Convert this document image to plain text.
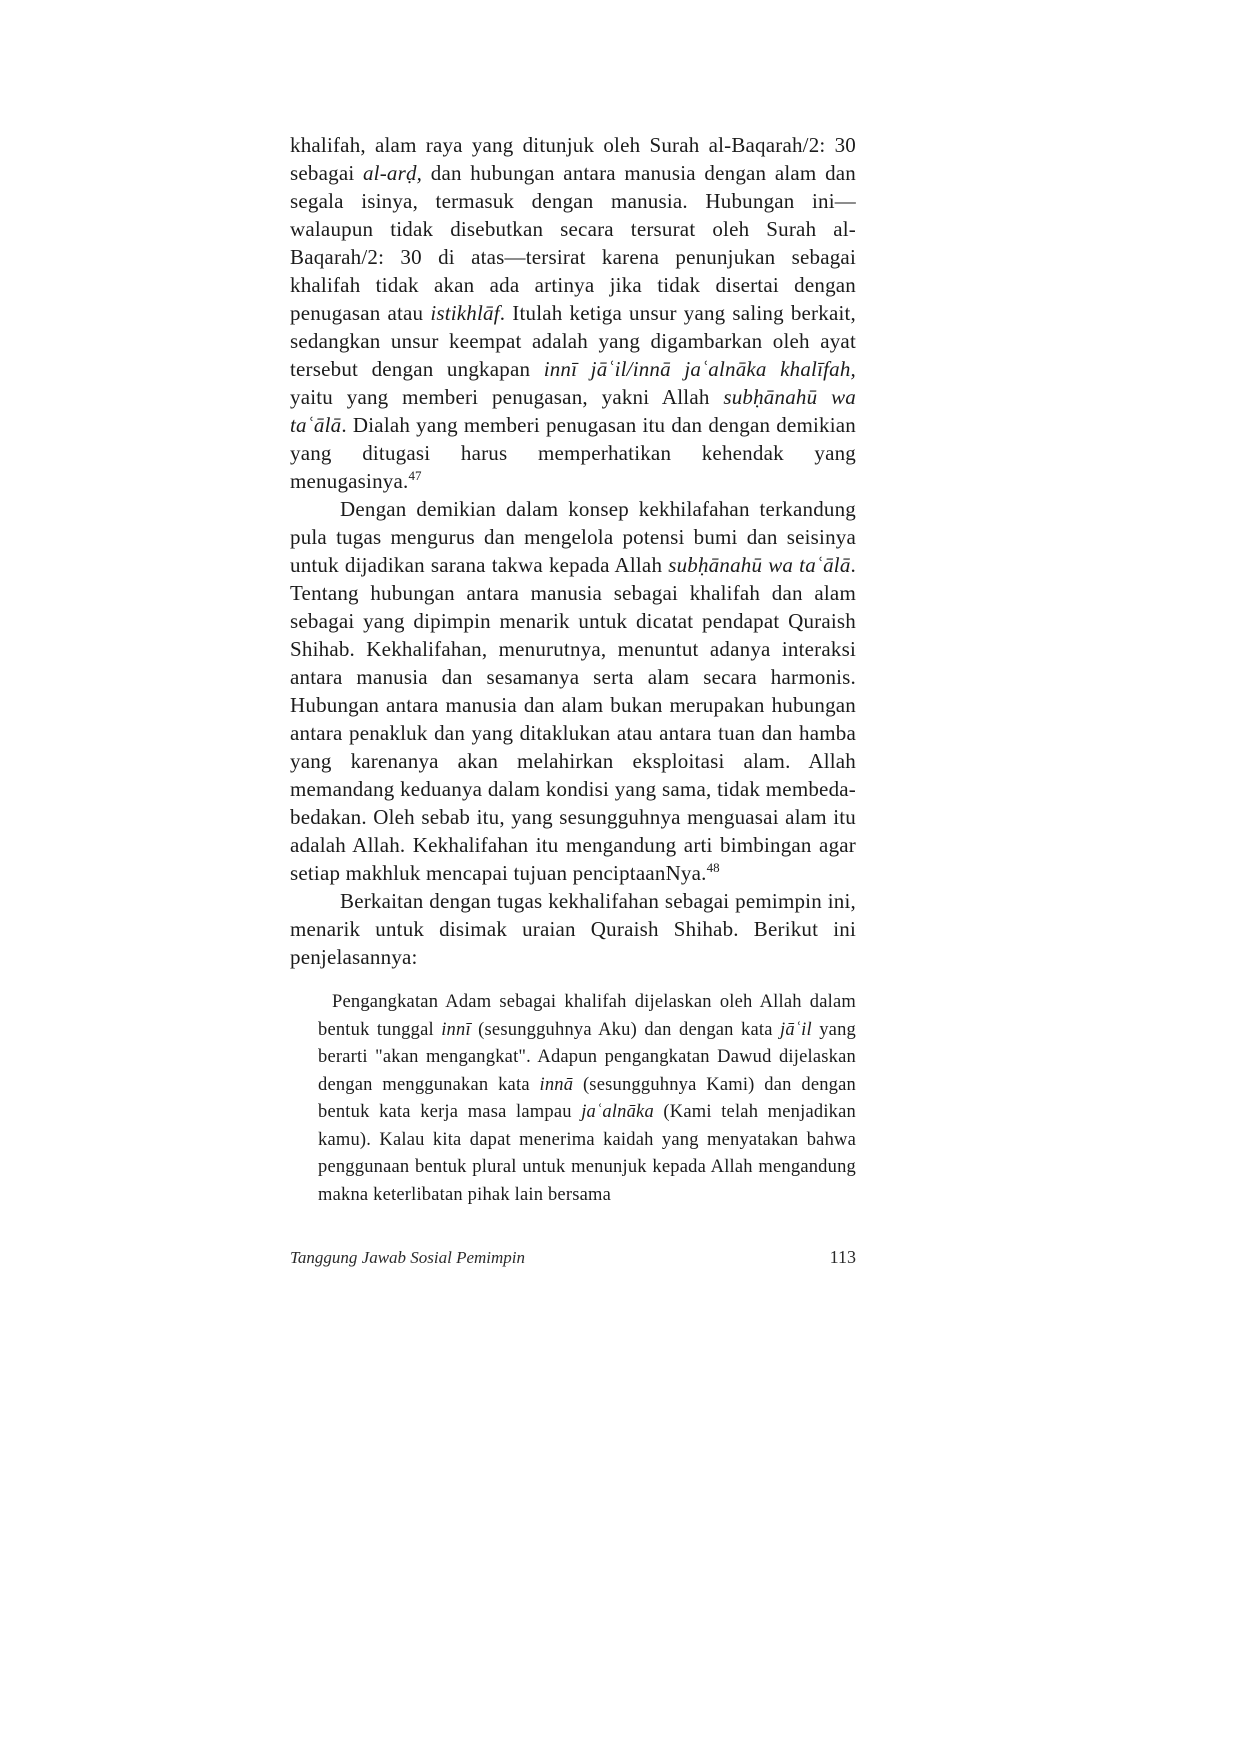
khalifah, alam raya yang ditunjuk oleh Surah al-Baqarah/2: 30 sebagai al-arḍ, dan hubungan antara manusia dengan alam dan segala isinya, termasuk dengan manusia. Hubungan ini—walaupun tidak disebutkan secara tersurat oleh Surah al-Baqarah/2: 30 di atas—tersirat karena penunjukan sebagai khalifah tidak akan ada artinya jika tidak disertai dengan penugasan atau istikhlāf. Itulah ketiga unsur yang saling berkait, sedangkan unsur keempat adalah yang digambarkan oleh ayat tersebut dengan ungkapan innī jāʿil/innā jaʿalnāka khalīfah, yaitu yang memberi penugasan, yakni Allah subḥānahū wa taʿālā. Dialah yang memberi penugasan itu dan dengan demikian yang ditugasi harus memperhatikan kehendak yang menugasinya.$^{47}$

Dengan demikian dalam konsep kekhilafahan terkandung pula tugas mengurus dan mengelola potensi bumi dan seisinya untuk dijadikan sarana takwa kepada Allah subḥānahū wa taʿālā. Tentang hubungan antara manusia sebagai khalifah dan alam sebagai yang dipimpin menarik untuk dicatat pendapat Quraish Shihab. Kekhalifahan, menurutnya, menuntut adanya interaksi antara manusia dan sesamanya serta alam secara harmonis. Hubungan antara manusia dan alam bukan merupakan hubungan antara penakluk dan yang ditaklukan atau antara tuan dan hamba yang karenanya akan melahirkan eksploitasi alam. Allah memandang keduanya dalam kondisi yang sama, tidak membeda-bedakan. Oleh sebab itu, yang sesungguhnya menguasai alam itu adalah Allah. Kekhalifahan itu mengandung arti bimbingan agar setiap makhluk mencapai tujuan penciptaanNya.$^{48}$

Berkaitan dengan tugas kekhalifahan sebagai pemimpin ini, menarik untuk disimak uraian Quraish Shihab. Berikut ini penjelasannya:

Pengangkatan Adam sebagai khalifah dijelaskan oleh Allah dalam bentuk tunggal innī (sesungguhnya Aku) dan dengan kata jāʿil yang berarti "akan mengangkat". Adapun pengangkatan Dawud dijelaskan dengan menggunakan kata innā (sesungguhnya Kami) dan dengan bentuk kata kerja masa lampau jaʿalnāka (Kami telah menjadikan kamu). Kalau kita dapat menerima kaidah yang menyatakan bahwa penggunaan bentuk plural untuk menunjuk kepada Allah mengandung makna keterlibatan pihak lain bersama
Tanggung Jawab Sosial Pemimpin	113
